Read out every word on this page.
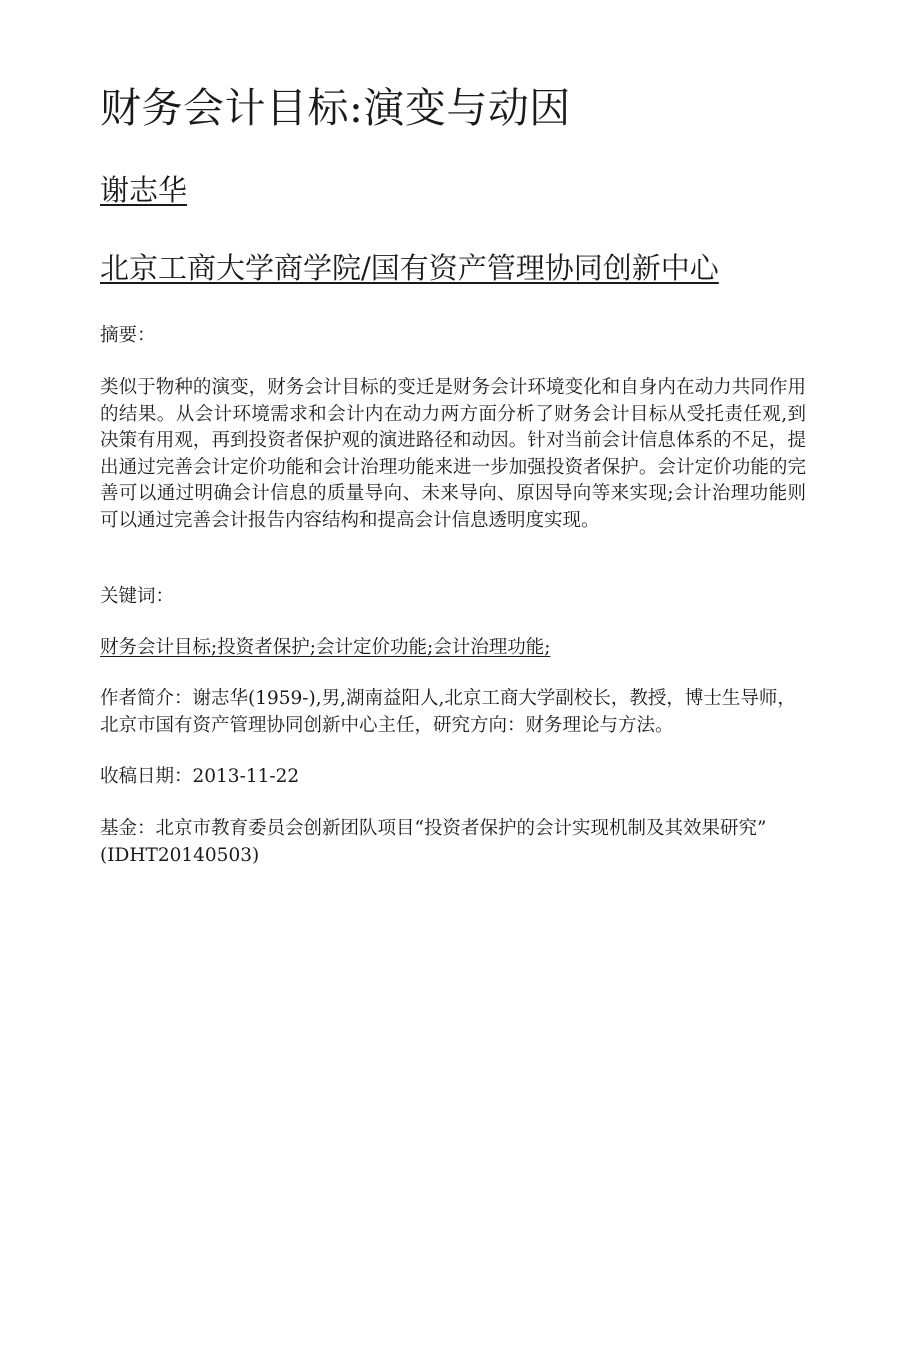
财务会计目标:演变与动因
谢志华
北京工商大学商学院/国有资产管理协同创新中心

摘要：

类似于物种的演变，财务会计目标的变迁是财务会计环境变化和自身内在动力共同作用的结果。从会计环境需求和会计内在动力两方面分析了财务会计目标从受托责任观,到决策有用观，再到投资者保护观的演进路径和动因。针对当前会计信息体系的不足，提出通过完善会计定价功能和会计治理功能来进一步加强投资者保护。会计定价功能的完善可以通过明确会计信息的质量导向、未来导向、原因导向等来实现;会计治理功能则可以通过完善会计报告内容结构和提高会计信息透明度实现。

关键词：

财务会计目标;投资者保护;会计定价功能;会计治理功能;

作者简介：谢志华(1959-),男,湖南益阳人,北京工商大学副校长，教授，博士生导师，北京市国有资产管理协同创新中心主任，研究方向：财务理论与方法。

收稿日期：2013-11-22

基金：北京市教育委员会创新团队项目“投资者保护的会计实现机制及其效果研究” (IDHT20140503)
